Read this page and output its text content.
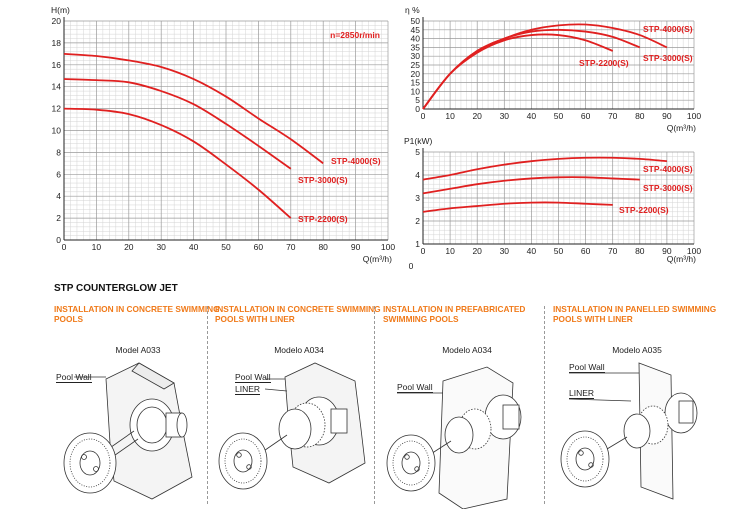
0	10	20	30	40	50	60	70	80	90 100
0
2
4
6
8
10
12
14
16
18
20
H(m)
Q(m³/h)
n=2850r/min
STP-4000(S)
STP-3000(S)
STP-2200(S)
0 10 20 30 40 50 60 70 80 90 100
0
5
10
15
20
25
30
35
40
45
50
η %
Q(m³/h)
STP-4000(S)
STP-3000(S)
STP-2200(S)
0 10 20 30 40 50 60 70 80 90 100
1
2
3
4
5
0
P1(kW)
Q(m³/h)
STP-4000(S)
STP-3000(S)
STP-2200(S)
STP COUNTERGLOW JET
INSTALLATION IN CONCRETE SWIMMING POOLS
Model A033
Pool Wall
INSTALLATION IN CONCRETE SWIMMING POOLS WITH LINER
Modelo A034
Pool Wall
LINER
INSTALLATION IN PREFABRICATED SWIMMING POOLS
Modelo A034
Pool Wall
INSTALLATION IN PANELLED SWIMMING POOLS WITH LINER
Modelo A035
Pool Wall
LINER
